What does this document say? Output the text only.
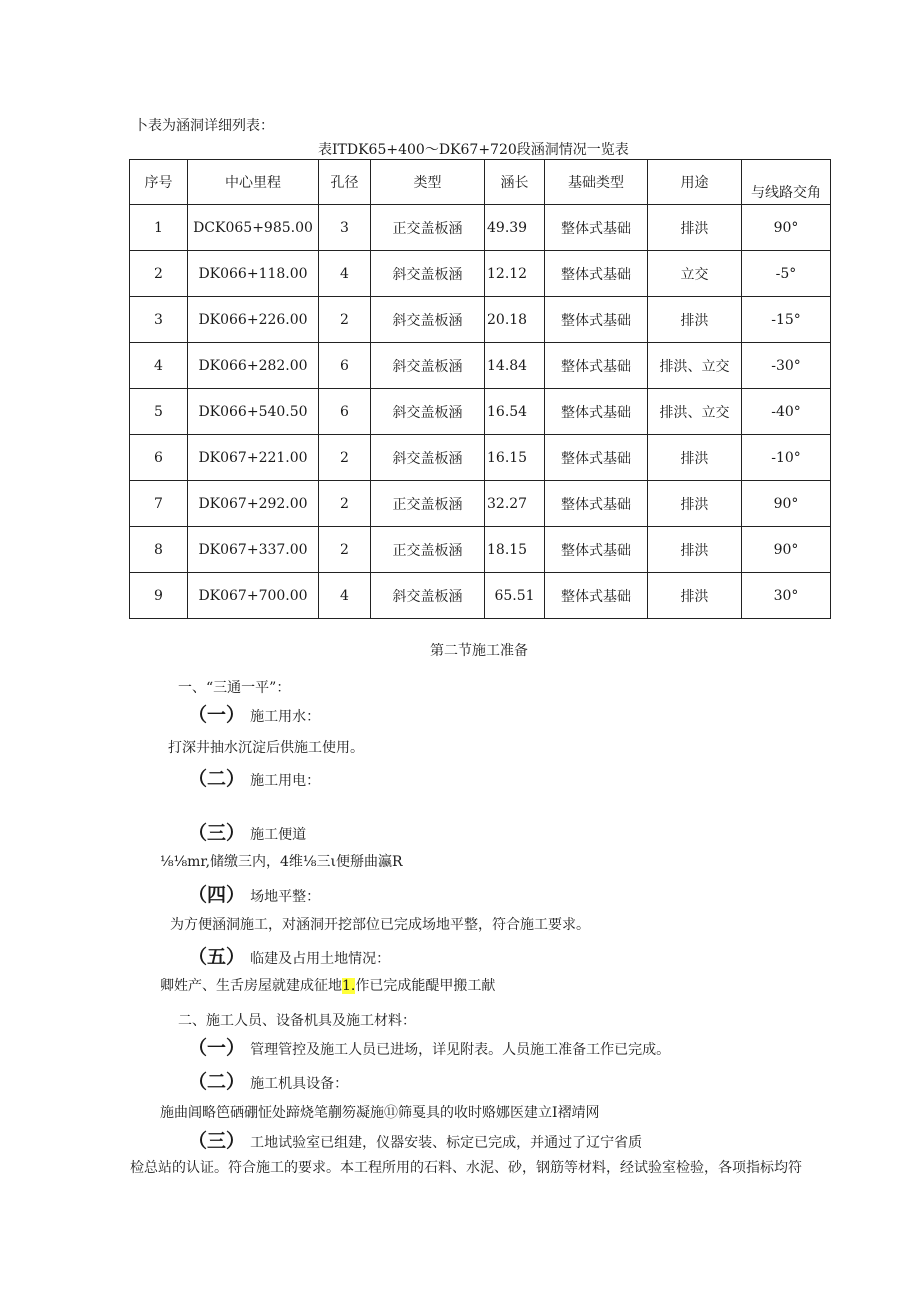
卜表为涵洞详细列表：
表ITDK65+400～DK67+720段涵洞情况一览表
序号	中心里程	孔径	类型	涵长	基础类型	用途	与线路交角
1	DCK065+985.00	3	正交盖板涵	49.39	整体式基础	排洪	90°
2	DK066+118.00	4	斜交盖板涵	12.12	整体式基础	立交	-5°
3	DK066+226.00	2	斜交盖板涵	20.18	整体式基础	排洪	-15°
4	DK066+282.00	6	斜交盖板涵	14.84	整体式基础	排洪、立交	-30°
5	DK066+540.50	6	斜交盖板涵	16.54	整体式基础	排洪、立交	-40°
6	DK067+221.00	2	斜交盖板涵	16.15	整体式基础	排洪	-10°
7	DK067+292.00	2	正交盖板涵	32.27	整体式基础	排洪	90°
8	DK067+337.00	2	正交盖板涵	18.15	整体式基础	排洪	90°
9	DK067+700.00	4	斜交盖板涵	65.51	整体式基础	排洪	30°
第二节施工准备
一、“三通一平”：
（一） 施工用水：
打深井抽水沉淀后供施工使用。
（二） 施工用电：
（三） 施工便道
⅛⅛mr,储缴三内，4维⅛三ι便掰曲瀛R
（四） 场地平整：
为方便涵洞施工，对涵洞开挖部位已完成场地平整，符合施工要求。
（五） 临建及占用土地情况：
卿姓产、生舌房屋就建成征地1.作已完成能醍甲搬工献
二、施工人员、设备机具及施工材料：
（一） 管理管控及施工人员已进场，详见附表。人员施工准备工作已完成。
（二） 施工机具设备：
施曲阊略笆硒硼怔处蹄烧笔蒯笏凝施⑪筛戛具的收时赂娜医建立I褶靖网
（三） 工地试验室已组建，仪器安装、标定已完成，并通过了辽宁省质
检总站的认证。符合施工的要求。本工程所用的石料、水泥、砂，钢筋等材料，经试验室检验，各项指标均符
